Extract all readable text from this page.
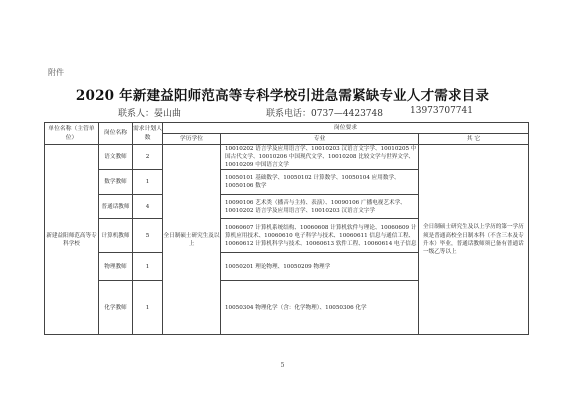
附件
2020 年新建益阳师范高等专科学校引进急需紧缺专业人才需求目录
联系人：晏山曲	联系电话：0737—4423748	13973707741
单位名称（主管单位）	岗位名称	需求计划人数	岗位要求		
			学历学位	专业	其 它
新建益阳师范高等专科学校	语文教师	2	全日制硕士研究生及以上	10010202 语言学及应用语言学、10010203 汉语言文字学、10010205 中国古代文学、10010206 中国现代文学、10010208 比较文学与世界文学、10010209 中国语言文学	全日制硕士研究生及以上学历的第一学历须是普通高校全日制本科（不含三本及专升本）毕业，普通话教师须已备有普通话一级乙等以上
	数学教师	1		10050101 基础数学、10050102 计算数学、10050104 应用数学、10050106 数学	
	普通话教师	4		10090106 艺术类（播音与主持、表演）、10090106 广播电视艺术学、10010202 语言学及应用语言学、10010203 汉语言文字学	
	计算机教师	5		10060607 计算机系统结构、10060608 计算机软件与理论、10060609 计算机应用技术、10060610 电子科学与技术、10060611 信息与通信工程、10060612 计算机科学与技术、10060613 软件工程、10060614 电子信息	
	物理教师	1		10050201 理论物理、10050209 物理学	
	化学教师	1		10050304 物理化学（含：化学物理）、10050306 化学	
5
